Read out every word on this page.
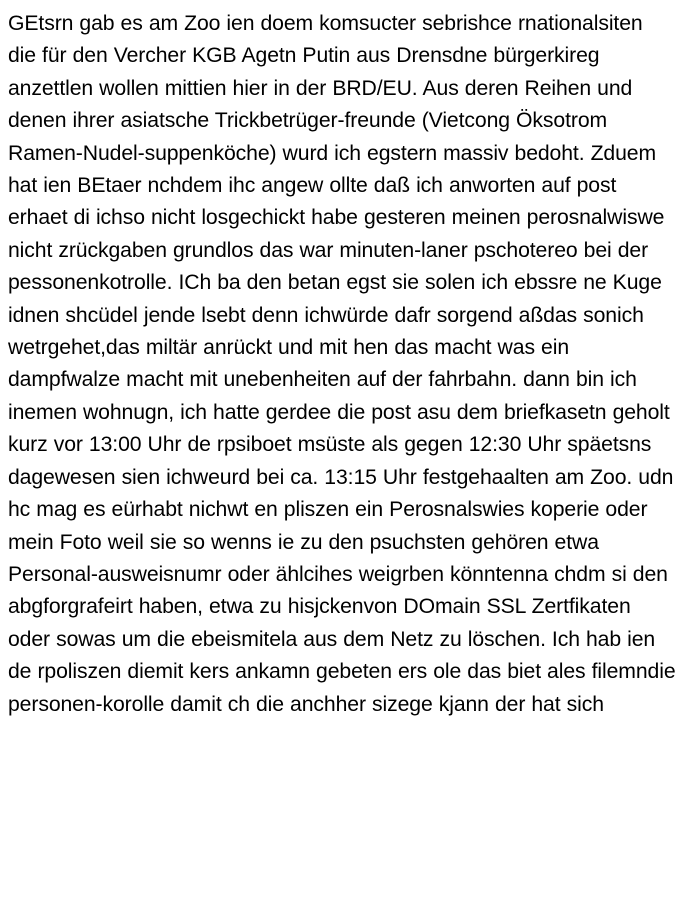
GEtsrn gab es am Zoo ien doem komsucter sebrishce rnationalsiten die für den Vercher KGB Agetn Putin aus Drensdne bürgerkireg anzettlen wollen mittien hier in der BRD/EU. Aus deren Reihen und denen ihrer asiatsche Trickbetrüger-freunde (Vietcong Öksotrom Ramen-Nudel-suppenköche) wurd ich egstern massiv bedoht. Zduem hat ien BEtaer nchdem ihc angew ollte daß ich anworten auf post erhaet di ichso nicht losgechickt habe gesteren meinen perosnalwiswe nicht zrückgaben grundlos das war minuten-laner pschotereo bei der pessonenkotrolle. ICh ba den betan egst sie solen ich ebssre ne Kuge idnen shcüdel jende lsebt denn ichwürde dafr sorgend aßdas sonich wetrgehet,das miltär anrückt und mit hen das macht was ein dampfwalze macht mit unebenheiten auf der fahrbahn. dann bin ich inemen wohnugn, ich hatte gerdee die post asu dem briefkasetn geholt kurz vor 13:00 Uhr de rpsiboet msüste als gegen 12:30 Uhr späetsns dagewesen sien ichweurd bei ca. 13:15 Uhr festgehaalten am Zoo. udn hc mag es eürhabt nichwt en pliszen ein Perosnalswies koperie oder mein Foto weil sie so wenns ie zu den psuchsten gehören etwa Personal-ausweisnumr oder ählcihes weigrben könntenna chdm si den abgforgrafeirt haben, etwa zu hisjckenvon DOmain SSL Zertfikaten oder sowas um die ebeismitela aus dem Netz zu löschen. Ich hab ien de rpoliszen diemit kers ankamn gebeten ers ole das biet ales filemndie personen-korolle damit ch die anchher sizege kjann der hat sich
